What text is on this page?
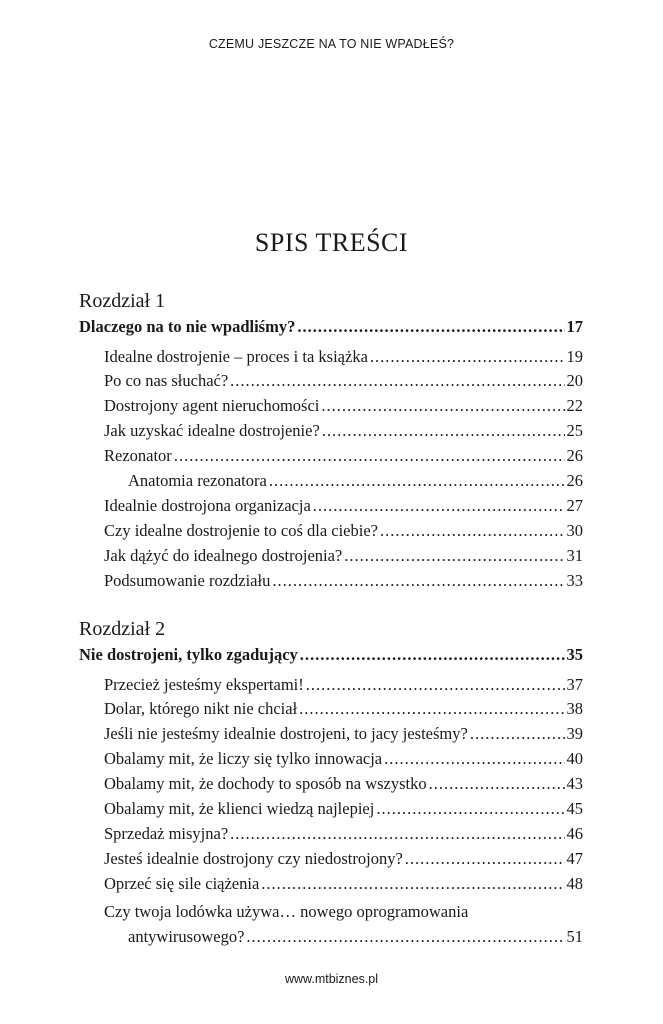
CZEMU JESZCZE NA TO NIE WPADŁEŚ?
SPIS TREŚCI
Rozdział 1
Dlaczego na to nie wpadliśmy? .....	17
Idealne dostrojenie – proces i ta książka .....	19
Po co nas słuchać? .....	20
Dostrojony agent nieruchomości .....	22
Jak uzyskać idealne dostrojenie? .....	25
Rezonator .....	26
Anatomia rezonatora .....	26
Idealnie dostrojona organizacja .....	27
Czy idealne dostrojenie to coś dla ciebie? .....	30
Jak dążyć do idealnego dostrojenia? .....	31
Podsumowanie rozdziału .....	33
Rozdział 2
Nie dostrojeni, tylko zgadujący .....	35
Przecież jesteśmy ekspertami! .....	37
Dolar, którego nikt nie chciał .....	38
Jeśli nie jesteśmy idealnie dostrojeni, to jacy jesteśmy? .....	39
Obalamy mit, że liczy się tylko innowacja .....	40
Obalamy mit, że dochody to sposób na wszystko .....	43
Obalamy mit, że klienci wiedzą najlepiej .....	45
Sprzedaż misyjna? .....	46
Jesteś idealnie dostrojony czy niedostrojony? .....	47
Oprzeć się sile ciążenia .....	48
Czy twoja lodówka używa… nowego oprogramowania
antywirusowego? .....	51
www.mtbiznes.pl
